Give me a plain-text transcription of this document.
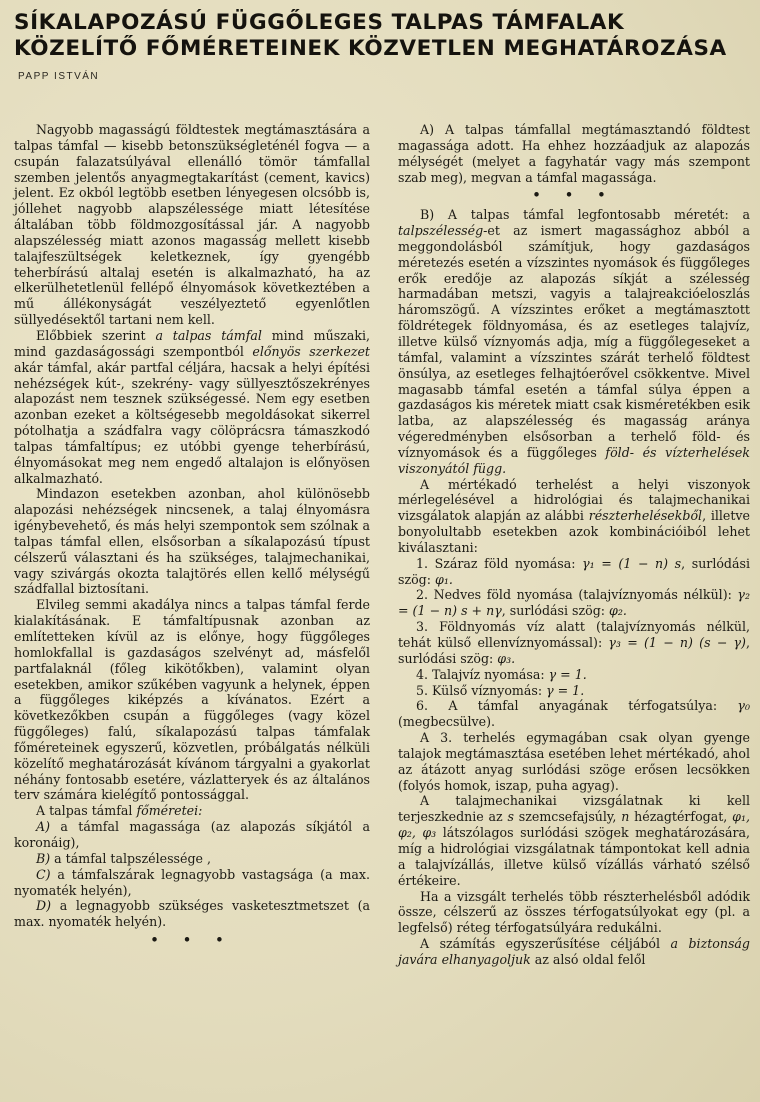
SÍKALAPOZÁSÚ FÜGGŐLEGES TALPAS TÁMFALAK
KÖZELÍTŐ FŐMÉRETEINEK KÖZVETLEN MEGHATÁROZÁSA
PAPP ISTVÁN

Nagyobb magasságú földtestek megtámasztására a talpas támfal — kisebb betonszükségleténél fogva — a csupán falazatsúlyával ellenálló tömör támfallal szemben jelentős anyagmegtakarítást (cement, kavics) jelent. Ez okból legtöbb esetben lényegesen olcsóbb is, jóllehet nagyobb alapszélessége miatt létesítése általában több földmozgosítással jár. A nagyobb alapszélesség miatt azonos magasság mellett kisebb talajfeszültségek keletkeznek, így gyengébb teherbírású altalaj esetén is alkalmazható, ha az elkerülhetetlenül fellépő élnyomások következtében a mű állékonyságát veszélyeztető egyenlőtlen süllyedésektől tartani nem kell.

Előbbiek szerint a talpas támfal mind műszaki, mind gazdaságossági szempontból előnyös szerkezet akár támfal, akár partfal céljára, hacsak a helyi építési nehézségek kút-, szekrény- vagy süllyesztőszekrényes alapozást nem tesznek szükségessé. Nem egy esetben azonban ezeket a költségesebb megoldásokat sikerrel pótolhatja a szádfalra vagy cölöprácsra támaszkodó talpas támfaltípus; ez utóbbi gyenge teherbírású, élnyomásokat meg nem engedő altalajon is előnyösen alkalmazható.

Mindazon esetekben azonban, ahol különösebb alapozási nehézségek nincsenek, a talaj élnyomásra igénybevehető, és más helyi szempontok sem szólnak a talpas támfal ellen, elsősorban a síkalapozású típust célszerű választani és ha szükséges, talajmechanikai, vagy szivárgás okozta talajtörés ellen kellő mélységű szádfallal biztosítani.

Elvileg semmi akadálya nincs a talpas támfal ferde kialakításának. E támfaltípusnak azonban az említetteken kívül az is előnye, hogy függőleges homlokfallal is gazdaságos szelvényt ad, másfelől partfalaknál (főleg kikötőkben), valamint olyan esetekben, amikor szűkében vagyunk a helynek, éppen a függőleges kiképzés a kívánatos. Ezért a következőkben csupán a függőleges (vagy közel függőleges) falú, síkalapozású talpas támfalak főméreteinek egyszerű, közvetlen, próbálgatás nélküli közelítő meghatározását kívánom tárgyalni a gyakorlat néhány fontosabb esetére, vázlatteryek és az általános terv számára kielégítő pontossággal.

A talpas támfal főméretei:

A) a támfal magassága (az alapozás síkjától a koronáig),

B) a támfal talpszélessége ,

C) a támfalszárak legnagyobb vastagsága (a max. nyomaték helyén),

D) a legnagyobb szükséges vasketesztmetszet (a max. nyomaték helyén).

• • •

A) A talpas támfallal megtámasztandó földtest magassága adott. Ha ehhez hozzáadjuk az alapozás mélységét (melyet a fagyhatár vagy más szempont szab meg), megvan a támfal magassága.

• • •

B) A talpas támfal legfontosabb méretét: a talpszélesség-et az ismert magassághoz abból a meggondolásból számítjuk, hogy gazdaságos méretezés esetén a vízszintes nyomások és függőleges erők eredője az alapozás síkját a szélesség harmadában metszi, vagyis a talajreakcióeloszlás háromszögű. A vízszintes erőket a megtámasztott földrétegek földnyomása, és az esetleges talajvíz, illetve külső víznyomás adja, míg a függőlegeseket a támfal, valamint a vízszintes szárát terhelő földtest önsúlya, az esetleges felhajtóerővel csökkentve. Mivel magasabb támfal esetén a támfal súlya éppen a gazdaságos kis méretek miatt csak kisméretékben esik latba, az alapszélesség és magasság aránya végeredményben elsősorban a terhelő föld- és víznyomások és a függőleges föld- és vízterhelések viszonyától függ.

A mértékadó terhelést a helyi viszonyok mérlegelésével a hidrológiai és talajmechanikai vizsgálatok alapján az alábbi részterhelésekből, illetve bonyolultabb esetekben azok kombinációiból lehet kiválasztani:

1. Száraz föld nyomása: γ₁ = (1 − n) s, surlódási szög: φ₁.

2. Nedves föld nyomása (talajvíznyomás nélkül): γ₂ = (1 − n) s + nγ, surlódási szög: φ₂.

3. Földnyomás víz alatt (talajvíznyomás nélkül, tehát külső ellenvíznyomással): γ₃ = (1 − n) (s − γ), surlódási szög: φ₃.

4. Talajvíz nyomása: γ = 1.

5. Külső víznyomás: γ = 1.

6. A támfal anyagának térfogatsúlya: γ₀ (megbecsülve).

A 3. terhelés egymagában csak olyan gyenge talajok megtámasztása esetében lehet mértékadó, ahol az átázott anyag surlódási szöge erősen lecsökken (folyós homok, iszap, puha agyag).

A talajmechanikai vizsgálatnak ki kell terjeszkednie az s szemcsefajsúly, n hézagtérfogat, φ₁, φ₂, φ₃ látszólagos surlódási szögek meghatározására, míg a hidrológiai vizsgálatnak támpontokat kell adnia a talajvízállás, illetve külső vízállás várható szélső értékeire.

Ha a vizsgált terhelés több részterhelésből adódik össze, célszerű az összes térfogatsúlyokat egy (pl. a legfelső) réteg térfogatsúlyára redukálni.

A számítás egyszerűsítése céljából a biztonság javára elhanyagoljuk az alsó oldal felől
